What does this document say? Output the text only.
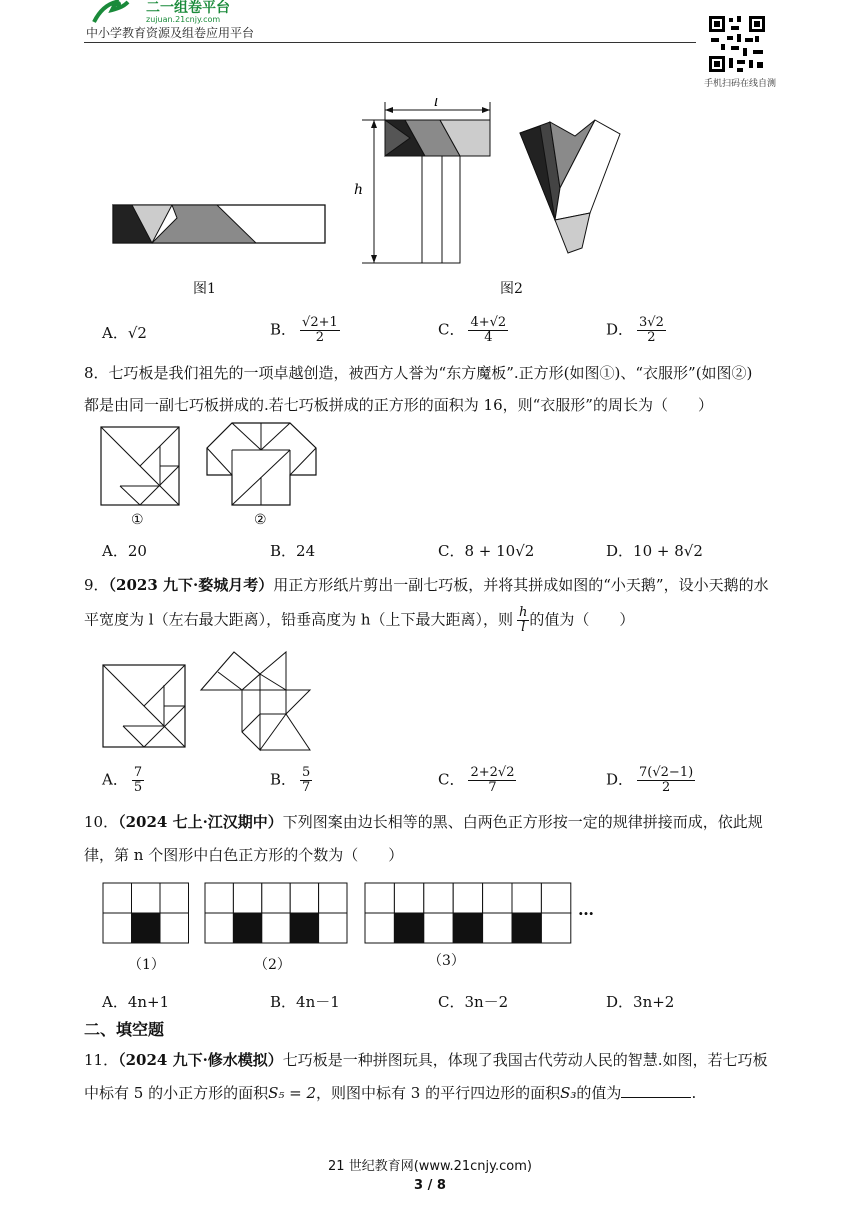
二一组卷平台
zujuan.21cnjy.com
中小学教育资源及组卷应用平台
手机扫码在线自测
图1
l
h
图2
A．√2	B． $\frac{√2+1}{2}$	C． $\frac{4+√2}{4}$	D． $\frac{3√2}{2}$
8．七巧板是我们祖先的一项卓越创造，被西方人誉为“东方魔板”.正方形(如图①)、“衣服形”(如图②)
都是由同一副七巧板拼成的.若七巧板拼成的正方形的面积为 16，则“衣服形”的周长为（　　）
①	②
A．20	B．24	C．8 + 10√2	D．10 + 8√2
9．（2023 九下·婺城月考）用正方形纸片剪出一副七巧板，并将其拼成如图的“小天鹅”，设小天鹅的水
平宽度为 l（左右最大距离），铅垂高度为 h（上下最大距离），则 $\frac{h}{l}$ 的值为（　　）
A． $\frac{7}{5}$	B． $\frac{5}{7}$	C． $\frac{2+2√2}{7}$	D． $\frac{7(√2-1)}{2}$
10．（2024 七上·江汉期中）下列图案由边长相等的黑、白两色正方形按一定的规律拼接而成，依此规
律，第 n 个图形中白色正方形的个数为（　　）
…
（1）	（2）	（3）
A．4n+1	B．4n－1	C．3n－2	D．3n+2
二、填空题
11．（2024 九下·修水模拟）七巧板是一种拼图玩具，体现了我国古代劳动人民的智慧.如图，若七巧板
中标有 5 的小正方形的面积S₅ = 2，则图中标有 3 的平行四边形的面积S₃的值为	.
21 世纪教育网(www.21cnjy.com)
3 / 8
